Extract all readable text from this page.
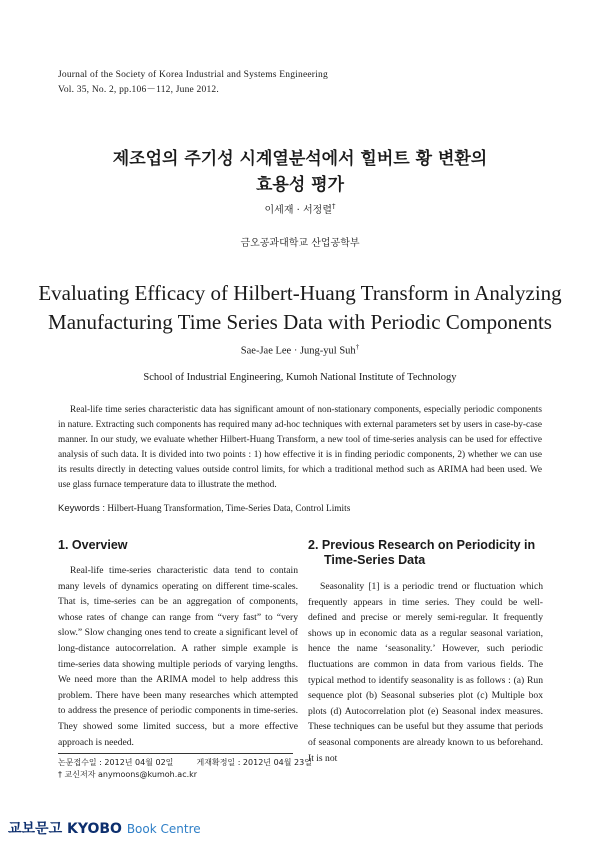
Journal of the Society of Korea Industrial and Systems Engineering
Vol. 35, No. 2, pp.106－112, June 2012.
제조업의 주기성 시계열분석에서 힐버트 황 변환의
효용성 평가
이세재 · 서정렬†
금오공과대학교 산업공학부
Evaluating Efficacy of Hilbert-Huang Transform in Analyzing
Manufacturing Time Series Data with Periodic Components
Sae-Jae Lee · Jung-yul Suh†
School of Industrial Engineering, Kumoh National Institute of Technology
Real-life time series characteristic data has significant amount of non-stationary components, especially periodic components in nature. Extracting such components has required many ad-hoc techniques with external parameters set by users in case-by-case manner. In our study, we evaluate whether Hilbert-Huang Transform, a new tool of time-series analysis can be used for effective analysis of such data. It is divided into two points : 1) how effective it is in finding periodic components, 2) whether we can use its results directly in detecting values outside control limits, for which a traditional method such as ARIMA had been used. We use glass furnace temperature data to illustrate the method.
Keywords : Hilbert-Huang Transformation, Time-Series Data, Control Limits
1. Overview
Real-life time-series characteristic data tend to contain many levels of dynamics operating on different time-scales. That is, time-series can be an aggregation of components, whose rates of change can range from “very fast” to “very slow.” Slow changing ones tend to create a significant level of long-distance autocorrelation. A rather simple example is time-series data showing multiple periods of varying lengths. We need more than the ARIMA model to help address this problem. There have been many researches which attempted to address the presence of periodic components in time-series. They showed some limited success, but a more effective approach is needed.
2. Previous Research on Periodicity in
Time-Series Data
Seasonality [1] is a periodic trend or fluctuation which frequently appears in time series. They could be well-defined and precise or merely semi-regular. It frequently shows up in economic data as a regular seasonal variation, hence the name ‘seasonality.’ However, such periodic fluctuations are common in data from various fields. The typical method to identify seasonality is as follows : (a) Run sequence plot (b) Seasonal subseries plot (c) Multiple box plots (d) Autocorrelation plot (e) Seasonal index measures. These techniques can be useful but they assume that periods of seasonal components are already known to us beforehand. It is not
논문접수일 : 2012년 04월 02일	게재확정일 : 2012년 04월 23일
† 교신저자 anymoons@kumoh.ac.kr
교보문고 KYOBO Book Centre
